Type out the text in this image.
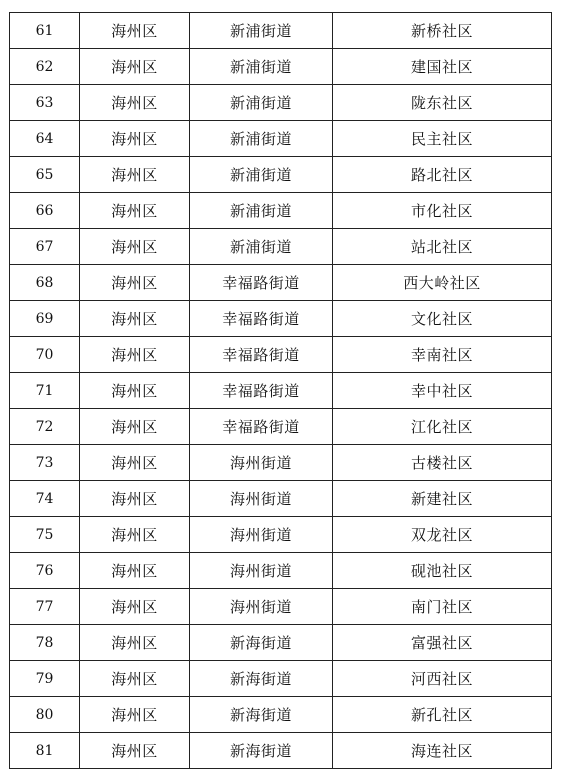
61	海州区	新浦街道	新桥社区
62	海州区	新浦街道	建国社区
63	海州区	新浦街道	陇东社区
64	海州区	新浦街道	民主社区
65	海州区	新浦街道	路北社区
66	海州区	新浦街道	市化社区
67	海州区	新浦街道	站北社区
68	海州区	幸福路街道	西大岭社区
69	海州区	幸福路街道	文化社区
70	海州区	幸福路街道	幸南社区
71	海州区	幸福路街道	幸中社区
72	海州区	幸福路街道	江化社区
73	海州区	海州街道	古楼社区
74	海州区	海州街道	新建社区
75	海州区	海州街道	双龙社区
76	海州区	海州街道	砚池社区
77	海州区	海州街道	南门社区
78	海州区	新海街道	富强社区
79	海州区	新海街道	河西社区
80	海州区	新海街道	新孔社区
81	海州区	新海街道	海连社区
